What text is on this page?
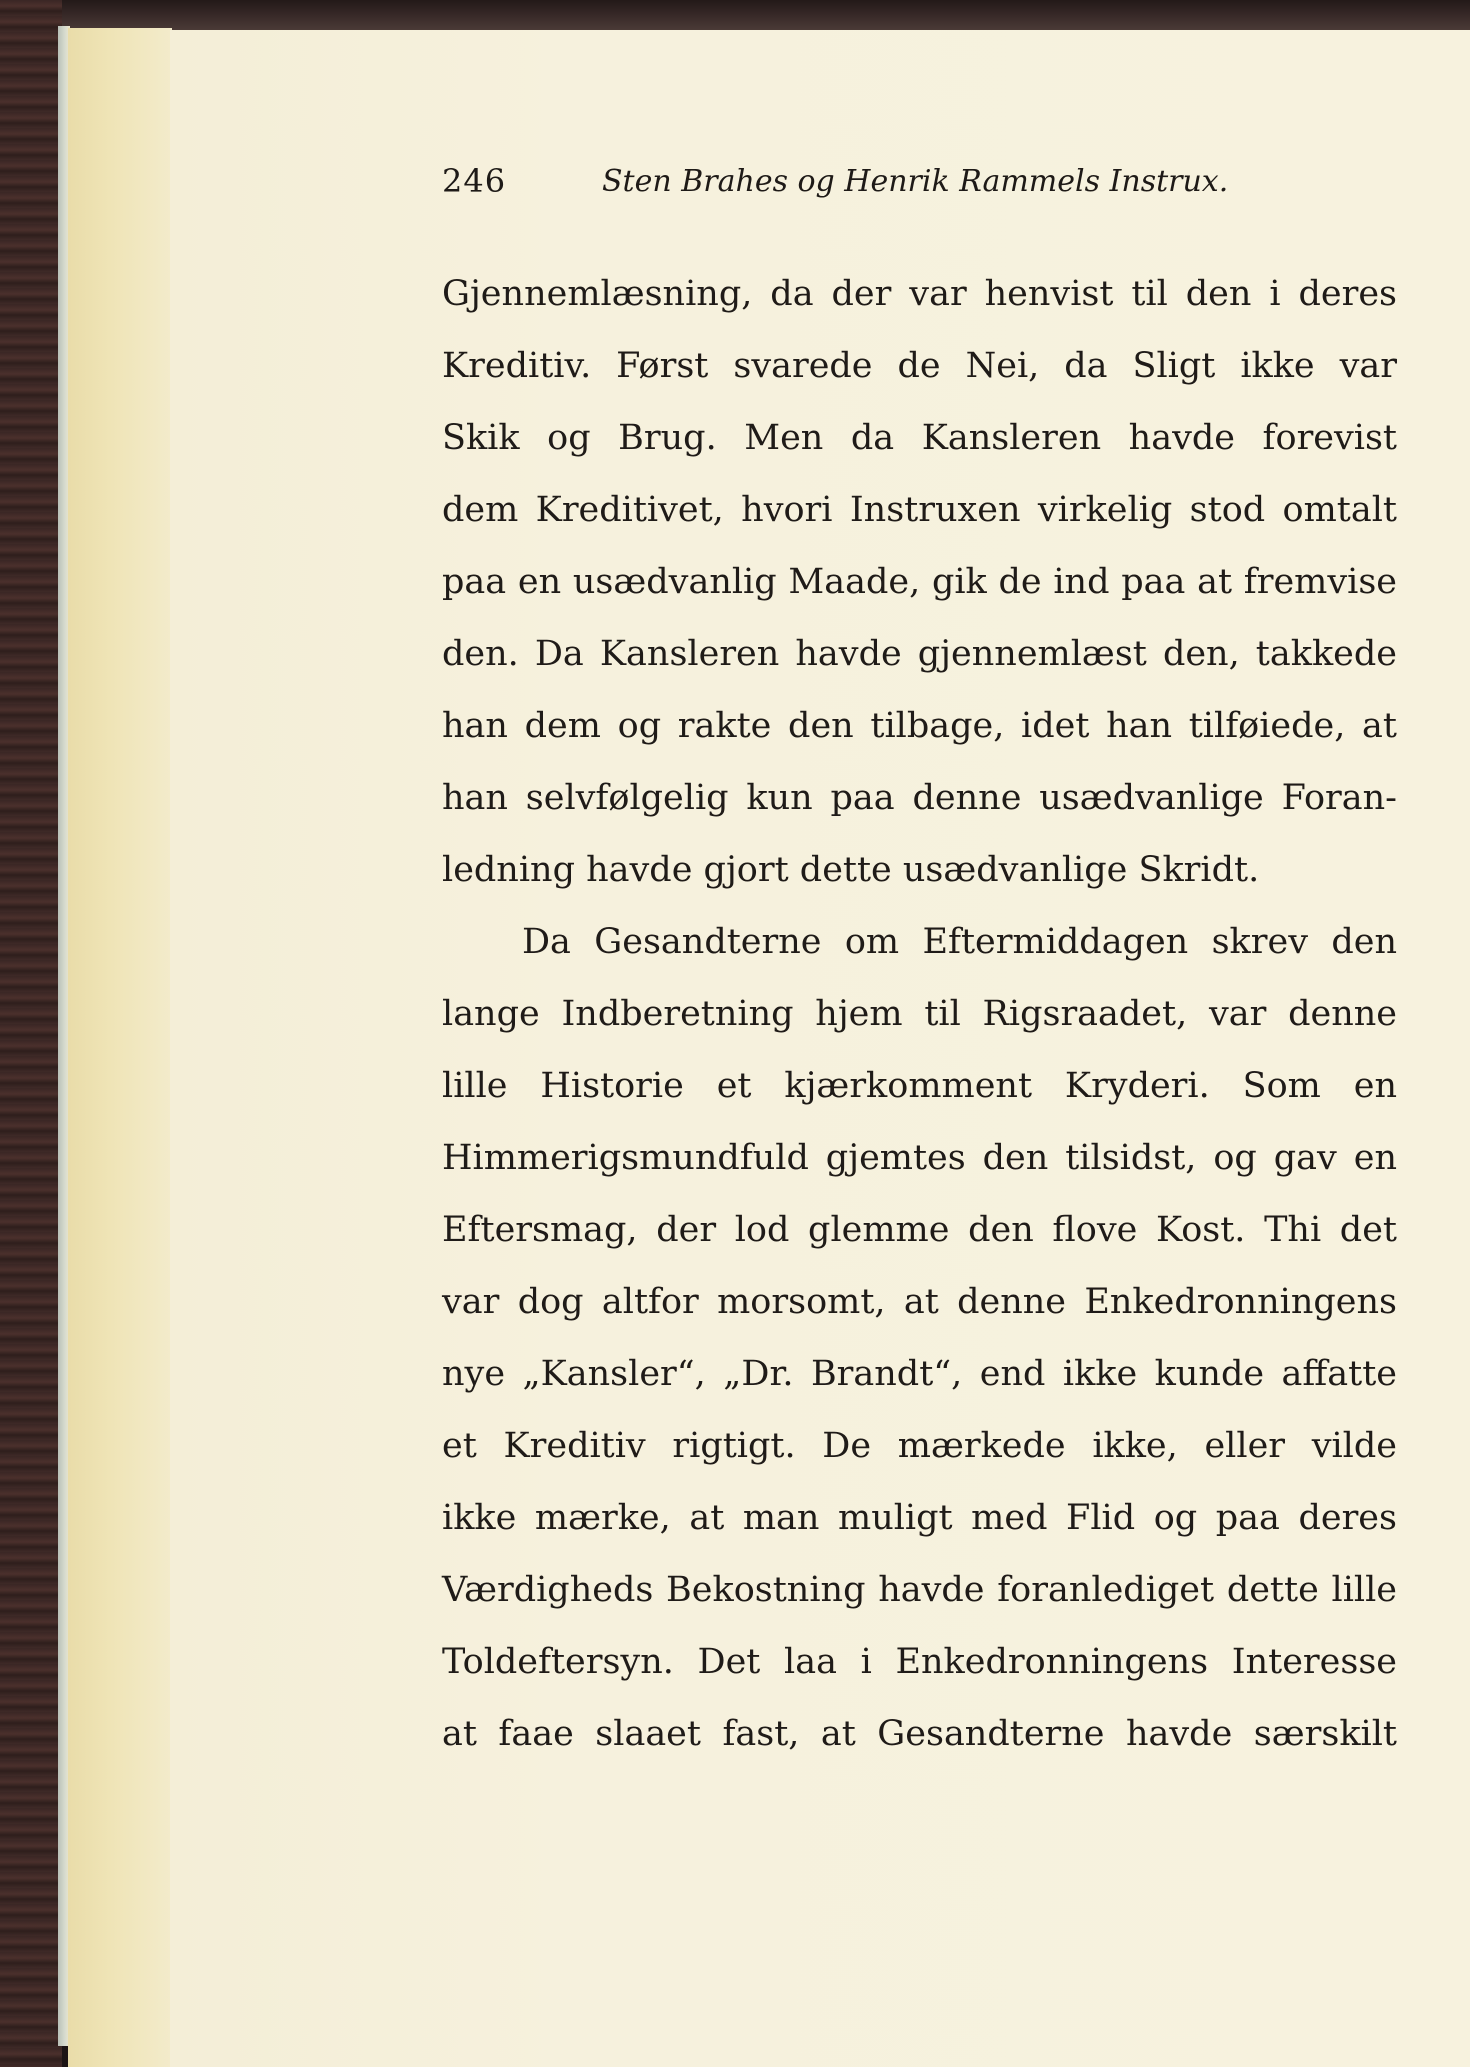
246	Sten Brahes og Henrik Rammels Instrux.
Gjennemlæsning, da der var henvist til den i deres
Kreditiv. Først svarede de Nei, da Sligt ikke var
Skik og Brug. Men da Kansleren havde forevist
dem Kreditivet, hvori Instruxen virkelig stod omtalt
paa en usædvanlig Maade, gik de ind paa at fremvise
den. Da Kansleren havde gjennemlæst den, takkede
han dem og rakte den tilbage, idet han tilføiede, at
han selvfølgelig kun paa denne usædvanlige Foran-
ledning havde gjort dette usædvanlige Skridt.
Da Gesandterne om Eftermiddagen skrev den
lange Indberetning hjem til Rigsraadet, var denne
lille Historie et kjærkomment Kryderi. Som en
Himmerigsmundfuld gjemtes den tilsidst, og gav en
Eftersmag, der lod glemme den flove Kost. Thi det
var dog altfor morsomt, at denne Enkedronningens
nye „Kansler“, „Dr. Brandt“, end ikke kunde affatte
et Kreditiv rigtigt. De mærkede ikke, eller vilde
ikke mærke, at man muligt med Flid og paa deres
Værdigheds Bekostning havde foranlediget dette lille
Toldeftersyn. Det laa i Enkedronningens Interesse
at faae slaaet fast, at Gesandterne havde særskilt
